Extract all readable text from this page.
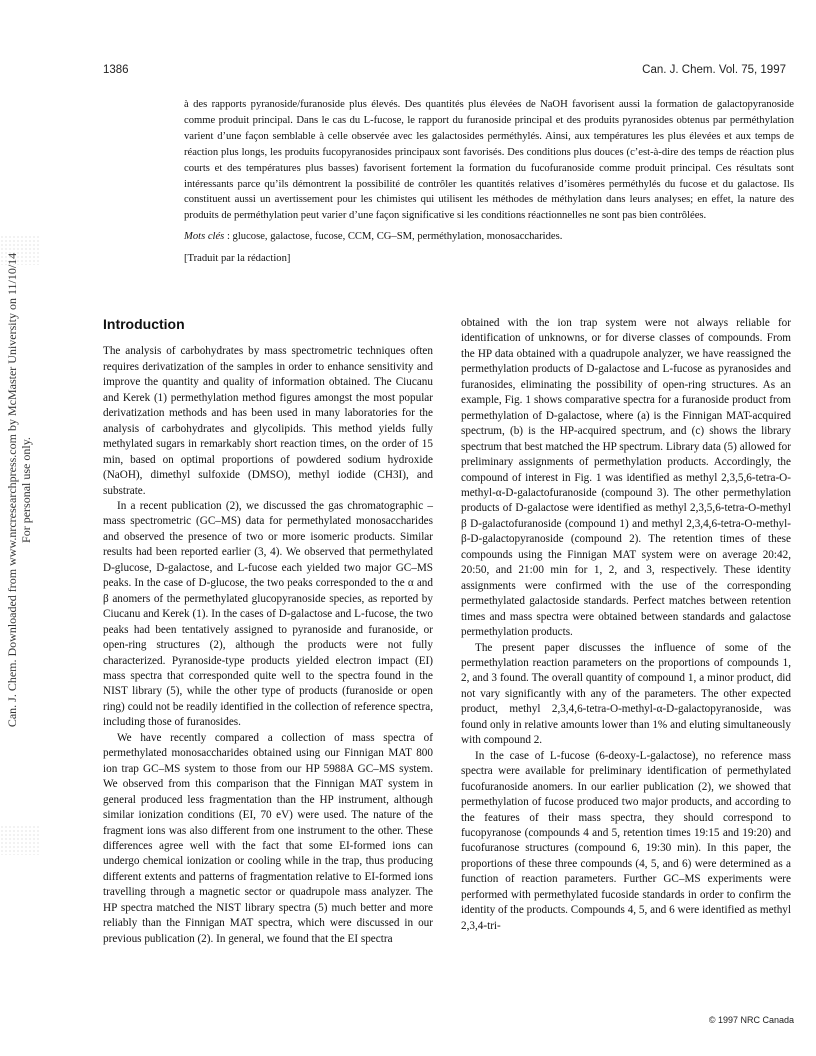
1386	Can. J. Chem. Vol. 75, 1997

à des rapports pyranoside/furanoside plus élevés. Des quantités plus élevées de NaOH favorisent aussi la formation de galactopyranoside comme produit principal. Dans le cas du L-fucose, le rapport du furanoside principal et des produits pyranosides obtenus par perméthylation varient d’une façon semblable à celle observée avec les galactosides perméthylés. Ainsi, aux températures les plus élevées et aux temps de réaction plus longs, les produits fucopyranosides principaux sont favorisés. Des conditions plus douces (c’est-à-dire des temps de réaction plus courts et des températures plus basses) favorisent fortement la formation du fucofuranoside comme produit principal. Ces résultats sont intéressants parce qu’ils démontrent la possibilité de contrôler les quantités relatives d’isomères perméthylés du fucose et du galactose. Ils constituent aussi un avertissement pour les chimistes qui utilisent les méthodes de méthylation dans leurs analyses; en effet, la nature des produits de perméthylation peut varier d’une façon significative si les conditions réactionnelles ne sont pas bien contrôlées.

Mots clés : glucose, galactose, fucose, CCM, CG–SM, perméthylation, monosaccharides.

[Traduit par la rédaction]

Can. J. Chem. Downloaded from www.nrcresearchpress.com by McMaster University on 11/10/14 For personal use only.
Introduction

The analysis of carbohydrates by mass spectrometric techniques often requires derivatization of the samples in order to enhance sensitivity and improve the quantity and quality of information obtained. The Ciucanu and Kerek (1) permethylation method figures amongst the most popular derivatization methods and has been used in many laboratories for the analysis of carbohydrates and glycolipids. This method yields fully methylated sugars in remarkably short reaction times, on the order of 15 min, based on optimal proportions of powdered sodium hydroxide (NaOH), dimethyl sulfoxide (DMSO), methyl iodide (CH3I), and substrate.

In a recent publication (2), we discussed the gas chromatographic – mass spectrometric (GC–MS) data for permethylated monosaccharides and observed the presence of two or more isomeric products. Similar results had been reported earlier (3, 4). We observed that permethylated D-glucose, D-galactose, and L-fucose each yielded two major GC–MS peaks. In the case of D-glucose, the two peaks corresponded to the α and β anomers of the permethylated glucopyranoside species, as reported by Ciucanu and Kerek (1). In the cases of D-galactose and L-fucose, the two peaks had been tentatively assigned to pyranoside and furanoside, or open-ring structures (2), although the products were not fully characterized. Pyranoside-type products yielded electron impact (EI) mass spectra that corresponded quite well to the spectra found in the NIST library (5), while the other type of products (furanoside or open ring) could not be readily identified in the collection of reference spectra, including those of furanosides.

We have recently compared a collection of mass spectra of permethylated monosaccharides obtained using our Finnigan MAT 800 ion trap GC–MS system to those from our HP 5988A GC–MS system. We observed from this comparison that the Finnigan MAT system in general produced less fragmentation than the HP instrument, although similar ionization conditions (EI, 70 eV) were used. The nature of the fragment ions was also different from one instrument to the other. These differences agree well with the fact that some EI-formed ions can undergo chemical ionization or cooling while in the trap, thus producing different extents and patterns of fragmentation relative to EI-formed ions travelling through a magnetic sector or quadrupole mass analyzer. The HP spectra matched the NIST library spectra (5) much better and more reliably than the Finnigan MAT spectra, which were discussed in our previous publication (2). In general, we found that the EI spectra

obtained with the ion trap system were not always reliable for identification of unknowns, or for diverse classes of compounds. From the HP data obtained with a quadrupole analyzer, we have reassigned the permethylation products of D-galactose and L-fucose as pyranosides and furanosides, eliminating the possibility of open-ring structures. As an example, Fig. 1 shows comparative spectra for a furanoside product from permethylation of D-galactose, where (a) is the Finnigan MAT-acquired spectrum, (b) is the HP-acquired spectrum, and (c) shows the library spectrum that best matched the HP spectrum. Library data (5) allowed for preliminary assignments of permethylation products. Accordingly, the compound of interest in Fig. 1 was identified as methyl 2,3,5,6-tetra-O-methyl-α-D-galactofuranoside (compound 3). The other permethylation products of D-galactose were identified as methyl 2,3,5,6-tetra-O-methyl β D-galactofuranoside (compound 1) and methyl 2,3,4,6-tetra-O-methyl-β-D-galactopyranoside (compound 2). The retention times of these compounds using the Finnigan MAT system were on average 20:42, 20:50, and 21:00 min for 1, 2, and 3, respectively. These identity assignments were confirmed with the use of the corresponding permethylated galactoside standards. Perfect matches between retention times and mass spectra were obtained between standards and galactose permethylation products.

The present paper discusses the influence of some of the permethylation reaction parameters on the proportions of compounds 1, 2, and 3 found. The overall quantity of compound 1, a minor product, did not vary significantly with any of the parameters. The other expected product, methyl 2,3,4,6-tetra-O-methyl-α-D-galactopyranoside, was found only in relative amounts lower than 1% and eluting simultaneously with compound 2.

In the case of L-fucose (6-deoxy-L-galactose), no reference mass spectra were available for preliminary identification of permethylated fucofuranoside anomers. In our earlier publication (2), we showed that permethylation of fucose produced two major products, and according to the features of their mass spectra, they should correspond to fucopyranose (compounds 4 and 5, retention times 19:15 and 19:20) and fucofuranose structures (compound 6, 19:30 min). In this paper, the proportions of these three compounds (4, 5, and 6) were determined as a function of reaction parameters. Further GC–MS experiments were performed with permethylated fucoside standards in order to confirm the identity of the products. Compounds 4, 5, and 6 were identified as methyl 2,3,4-tri-

© 1997 NRC Canada
